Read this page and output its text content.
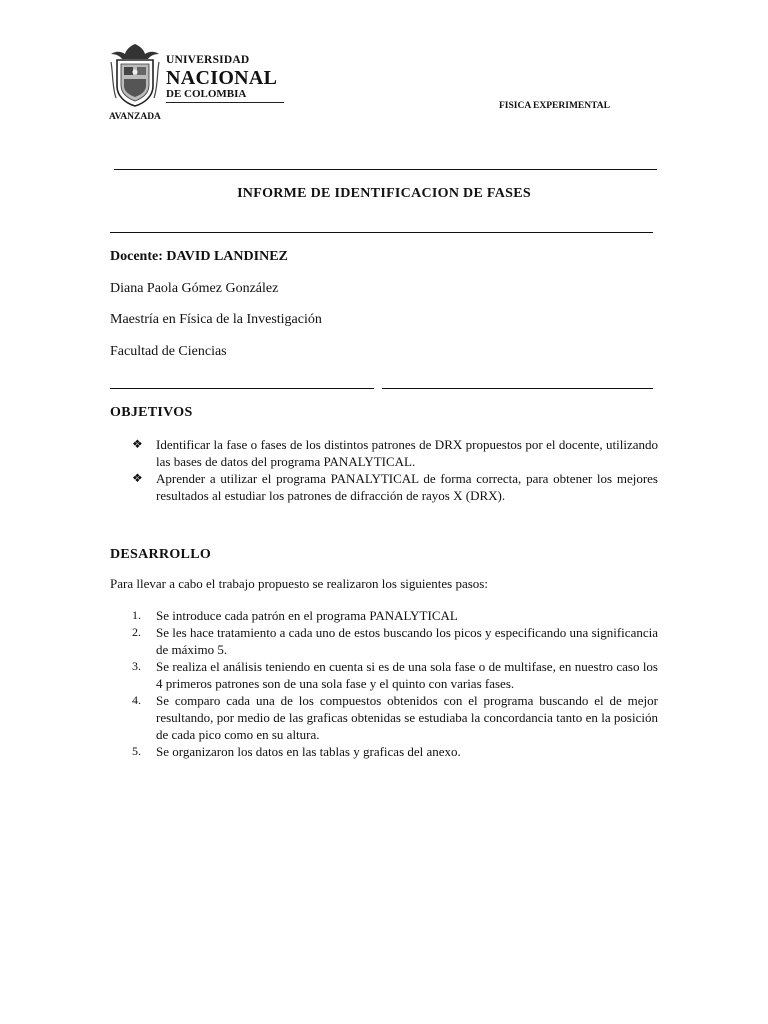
UNIVERSIDAD
NACIONAL
DE COLOMBIA
FISICA EXPERIMENTAL
AVANZADA
INFORME DE IDENTIFICACION DE FASES
Docente: DAVID LANDINEZ
Diana Paola Gómez González
Maestría en Física de la Investigación
Facultad de Ciencias
OBJETIVOS
❖ Identificar la fase o fases de los distintos patrones de DRX propuestos por el docente, utilizando las bases de datos del programa PANALYTICAL.
❖ Aprender a utilizar el programa PANALYTICAL de forma correcta, para obtener los mejores resultados al estudiar los patrones de difracción de rayos X (DRX).
DESARROLLO
Para llevar a cabo el trabajo propuesto se realizaron los siguientes pasos:
1. Se introduce cada patrón en el programa PANALYTICAL
2. Se les hace tratamiento a cada uno de estos buscando los picos y especificando una significancia de máximo 5.
3. Se realiza el análisis teniendo en cuenta si es de una sola fase o de multifase, en nuestro caso los 4 primeros patrones son de una sola fase y el quinto con varias fases.
4. Se comparo cada una de los compuestos obtenidos con el programa buscando el de mejor resultando, por medio de las graficas obtenidas se estudiaba la concordancia tanto en la posición de cada pico como en su altura.
5. Se organizaron los datos en las tablas y graficas del anexo.
